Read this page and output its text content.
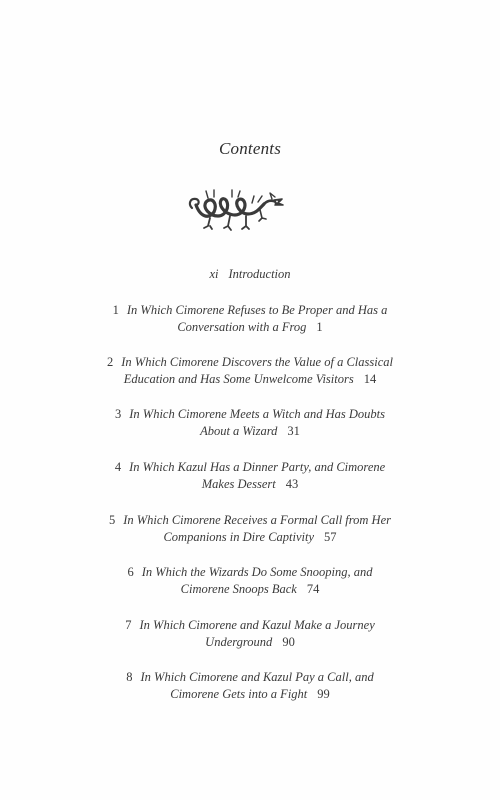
Contents
xi Introduction
1 In Which Cimorene Refuses to Be Proper and Has a
Conversation with a Frog 1
2 In Which Cimorene Discovers the Value of a Classical
Education and Has Some Unwelcome Visitors 14
3 In Which Cimorene Meets a Witch and Has Doubts
About a Wizard 31
4 In Which Kazul Has a Dinner Party, and Cimorene
Makes Dessert 43
5 In Which Cimorene Receives a Formal Call from Her
Companions in Dire Captivity 57
6 In Which the Wizards Do Some Snooping, and
Cimorene Snoops Back 74
7 In Which Cimorene and Kazul Make a Journey
Underground 90
8 In Which Cimorene and Kazul Pay a Call, and
Cimorene Gets into a Fight 99
